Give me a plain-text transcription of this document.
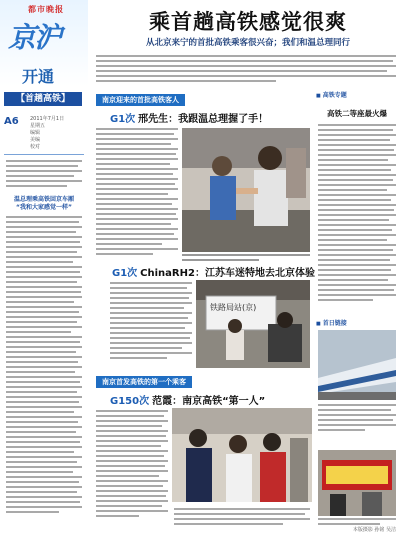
都市晚报
京沪
开通
【首趟高铁】
A6 2011年7月1日
星期五
编辑
美编
校对
温总理乘高铁回京车厢
“我和大家感觉一样”
乘首趟高铁感觉很爽
从北京来宁的首批高铁乘客很兴奋；我们和温总理同行
南京迎来的首批高铁客人
G1次 邢先生：我跟温总理握了手！
G1次 ChinaRH2：江苏车迷特地去北京体验
铁路局站(京)
南京首发高铁的第一个乘客
G150次 范霞：南京高铁“第一人”
■ 高铁专题
高铁二等座最火爆
■ 首日链接
本版摄影 孙铭 吴洁
